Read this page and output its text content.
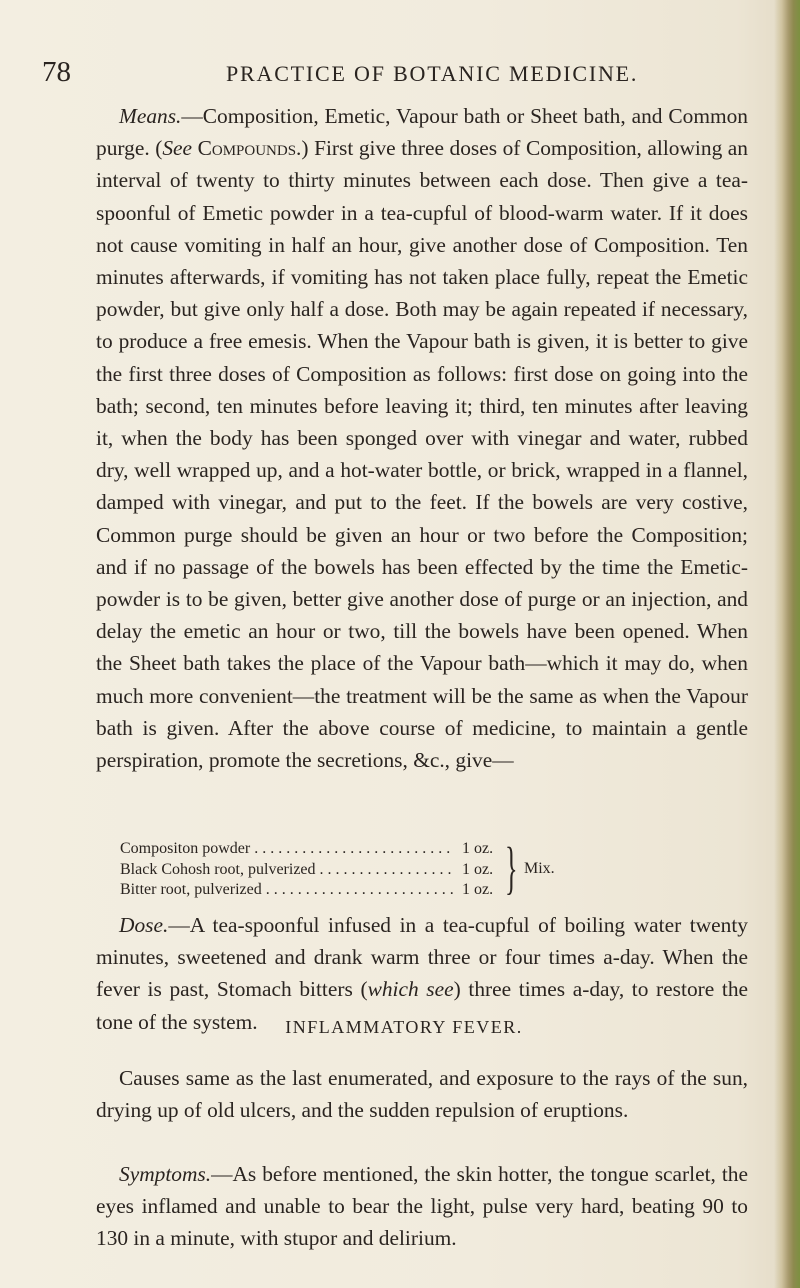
78	PRACTICE OF BOTANIC MEDICINE.

Means.—Composition, Emetic, Vapour bath or Sheet bath, and Common purge. (See Compounds.) First give three doses of Composition, allowing an interval of twenty to thirty minutes between each dose. Then give a tea-spoonful of Emetic powder in a tea-cupful of blood-warm water. If it does not cause vomiting in half an hour, give another dose of Composition. Ten minutes afterwards, if vomiting has not taken place fully, repeat the Emetic powder, but give only half a dose. Both may be again repeated if necessary, to produce a free emesis. When the Vapour bath is given, it is better to give the first three doses of Composition as follows: first dose on going into the bath; second, ten minutes before leaving it; third, ten minutes after leaving it, when the body has been sponged over with vinegar and water, rubbed dry, well wrapped up, and a hot-water bottle, or brick, wrapped in a flannel, damped with vinegar, and put to the feet. If the bowels are very costive, Common purge should be given an hour or two before the Composition; and if no passage of the bowels has been effected by the time the Emetic-powder is to be given, better give another dose of purge or an injection, and delay the emetic an hour or two, till the bowels have been opened. When the Sheet bath takes the place of the Vapour bath—which it may do, when much more convenient—the treatment will be the same as when the Vapour bath is given. After the above course of medicine, to maintain a gentle perspiration, promote the secretions, &c., give—

Compositon powder . . .	1 oz.
Black Cohosh root, pulverized . . .	1 oz.
Bitter root, pulverized . . .	1 oz. } Mix.

Dose.—A tea-spoonful infused in a tea-cupful of boiling water twenty minutes, sweetened and drank warm three or four times a-day. When the fever is past, Stomach bitters (which see) three times a-day, to restore the tone of the system.	INFLAMMATORY FEVER.

Causes same as the last enumerated, and exposure to the rays of the sun, drying up of old ulcers, and the sudden repulsion of eruptions.

Symptoms.—As before mentioned, the skin hotter, the tongue scarlet, the eyes inflamed and unable to bear the light, pulse very hard, beating 90 to 130 in a minute, with stupor and delirium.
